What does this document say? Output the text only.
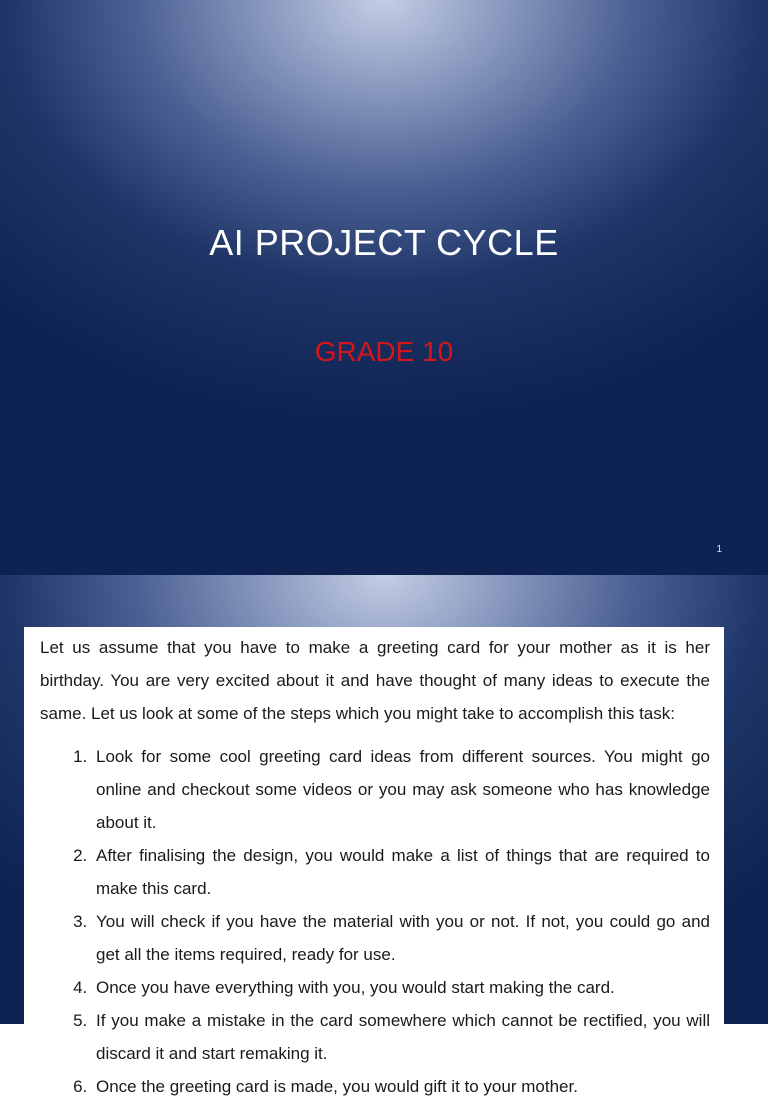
AI PROJECT CYCLE
GRADE 10
1

Let us assume that you have to make a greeting card for your mother as it is her birthday. You are very excited about it and have thought of many ideas to execute the same. Let us look at some of the steps which you might take to accomplish this task:

1. Look for some cool greeting card ideas from different sources. You might go online and checkout some videos or you may ask someone who has knowledge about it.
2. After finalising the design, you would make a list of things that are required to make this card.
3. You will check if you have the material with you or not. If not, you could go and get all the items required, ready for use.
4. Once you have everything with you, you would start making the card.
5. If you make a mistake in the card somewhere which cannot be rectified, you will discard it and start remaking it.
6. Once the greeting card is made, you would gift it to your mother.
